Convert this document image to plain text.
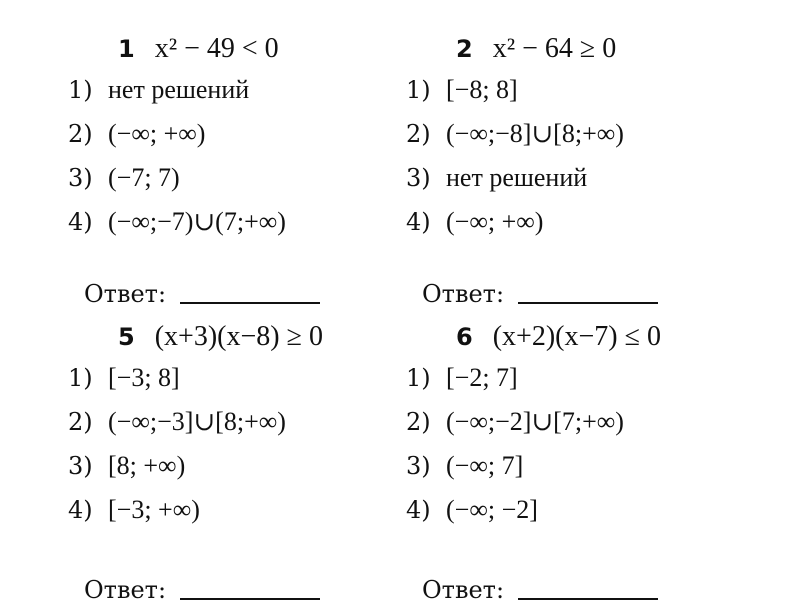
1 x² − 49 < 0
1) нет решений
2) (−∞; +∞)
3) (−7; 7)
4) (−∞;−7)∪(7;+∞)
Ответ:
2 x² − 64 ≥ 0
1) [−8; 8]
2) (−∞;−8]∪[8;+∞)
3) нет решений
4) (−∞; +∞)
Ответ:
5 (x+3)(x−8) ≥ 0
1) [−3; 8]
2) (−∞;−3]∪[8;+∞)
3) [8; +∞)
4) [−3; +∞)
Ответ:
6 (x+2)(x−7) ≤ 0
1) [−2; 7]
2) (−∞;−2]∪[7;+∞)
3) (−∞; 7]
4) (−∞; −2]
Ответ:
